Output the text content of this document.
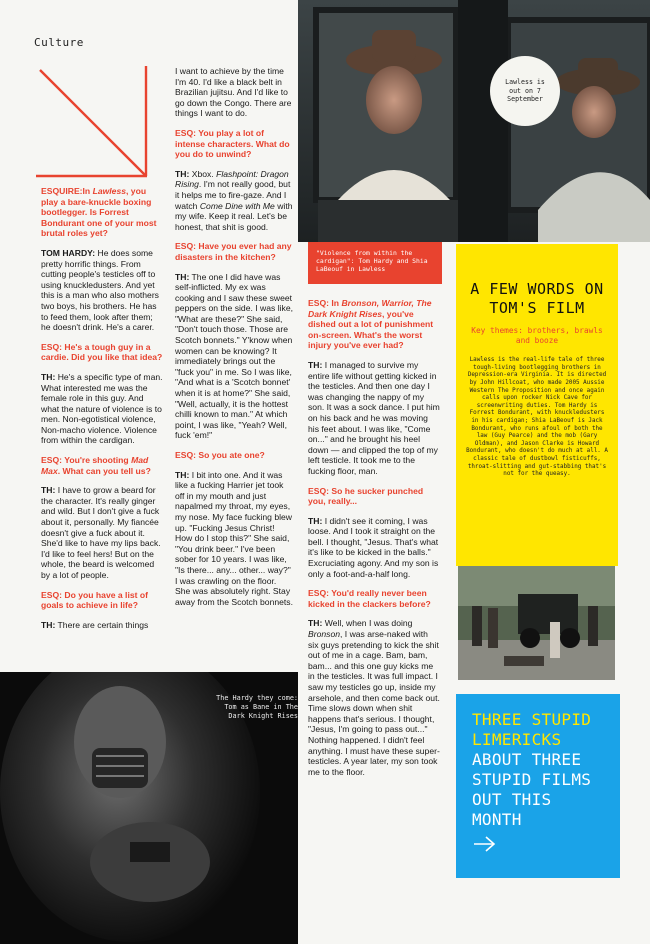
Culture

ESQUIRE:In Lawless, you play a bare-knuckle boxing bootlegger. Is Forrest Bondurant one of your most brutal roles yet?

TOM HARDY: He does some pretty horrific things. From cutting people's testicles off to using knuckledusters. And yet this is a man who also mothers two boys, his brothers. He has to feed them, look after them; he doesn't drink. He's a carer.

ESQ: He's a tough guy in a cardie. Did you like that idea?

TH: He's a specific type of man. What interested me was the female role in this guy. And what the nature of violence is to men. Non-egotistical violence, Non-macho violence. Violence from within the cardigan.

ESQ: You're shooting Mad Max. What can you tell us?

TH: I have to grow a beard for the character. It's really ginger and wild. But I don't give a fuck about it, personally. My fiancée doesn't give a fuck about it. She'd like to have my lips back. I'd like to feel hers! But on the whole, the beard is welcomed by a lot of people.

ESQ: Do you have a list of goals to achieve in life?

TH: There are certain things

I want to achieve by the time I'm 40. I'd like a black belt in Brazilian jujitsu. And I'd like to go down the Congo. There are things I want to do.

ESQ: You play a lot of intense characters. What do you do to unwind?

TH: Xbox. Flashpoint: Dragon Rising. I'm not really good, but it helps me to fire-gaze. And I watch Come Dine with Me with my wife. Keep it real. Let's be honest, that shit is good.

ESQ: Have you ever had any disasters in the kitchen?

TH: The one I did have was self-inflicted. My ex was cooking and I saw these sweet peppers on the side. I was like, "What are these?" She said, "Don't touch those. Those are Scotch bonnets." Y'know when women can be knowing? It immediately brings out the "fuck you" in me. So I was like, "And what is a 'Scotch bonnet' when it is at home?" She said, "Well, actually, it is the hottest chilli known to man." At which point, I was like, "Yeah? Well, fuck 'em!"

ESQ: So you ate one?

TH: I bit into one. And it was like a fucking Harrier jet took off in my mouth and just napalmed my throat, my eyes, my nose. My face fucking blew up. "Fucking Jesus Christ! How do I stop this?" She said, "You drink beer." I've been sober for 10 years. I was like, "Is there... any... other... way?" I was crawling on the floor. She was absolutely right. Stay away from the Scotch bonnets.

ESQ: In Bronson, Warrior, The Dark Knight Rises, you've dished out a lot of punishment on-screen. What's the worst injury you've ever had?

TH: I managed to survive my entire life without getting kicked in the testicles. And then one day I was changing the nappy of my son. It was a sock dance. I put him on his back and he was moving his feet about. I was like, "Come on..." and he brought his heel down — and clipped the top of my left testicle. It took me to the fucking floor, man.

ESQ: So he sucker punched you, really...

TH: I didn't see it coming, I was loose. And I took it straight on the bell. I thought, "Jesus. That's what it's like to be kicked in the balls." Excruciating agony. And my son is only a foot-and-a-half long.

ESQ: You'd really never been kicked in the clackers before?

TH: Well, when I was doing Bronson, I was arse-naked with six guys pretending to kick the shit out of me in a cage. Bam, bam, bam... and this one guy kicks me in the testicles. It was full impact. I saw my testicles go up, inside my arsehole, and then come back out. Time slows down when shit happens that's serious. I thought, "Jesus, I'm going to pass out..." Nothing happened. I didn't feel anything. I must have these super-testicles. A year later, my son took me to the floor.

Lawless is out on 7 September
"Violence from within the cardigan": Tom Hardy and Shia LaBeouf in Lawless
A FEW WORDS ON TOM'S FILM
Key themes: brothers, brawls and booze

Lawless is the real-life tale of three tough-living bootlegging brothers in Depression-era Virginia. It is directed by John Hillcoat, who made 2005 Aussie Western The Proposition and once again calls upon rocker Nick Cave for screenwriting duties. Tom Hardy is Forrest Bondurant, with knuckledusters in his cardigan; Shia LaBeouf is Jack Bondurant, who runs afoul of both the law (Guy Pearce) and the mob (Gary Oldman), and Jason Clarke is Howard Bondurant, who doesn't do much at all. A classic tale of dustbowl fisticuffs, throat-slitting and gut-stabbing that's not for the queasy.

The Hardy they come: Tom as Bane in The Dark Knight Rises	THREE STUPID
LIMERICKS
ABOUT THREE
STUPID FILMS
OUT THIS MONTH
